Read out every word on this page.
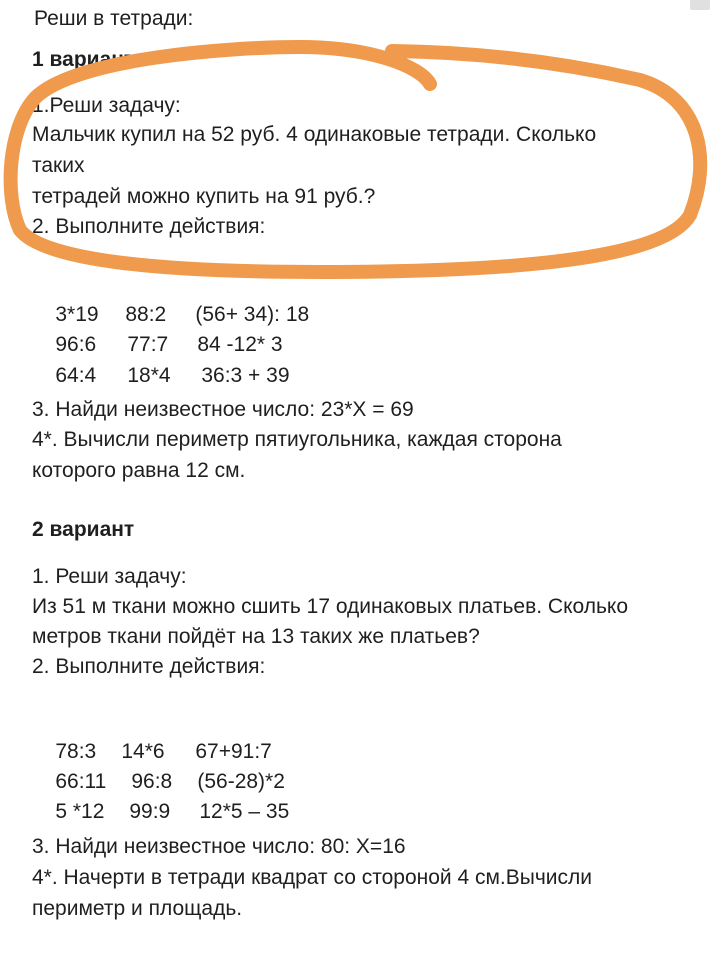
Реши в тетради:
1 вариант
1.Реши задачу:
Мальчик купил на 52 руб. 4 одинаковые тетради. Сколько
таких
тетрадей можно купить на 91 руб.?
2. Выполните действия:

3*19 88:2 (56+ 34): 18

96:6 77:7 84 -12* 3

64:4 18*4 36:3 + 39

3. Найди неизвестное число: 23*Х = 69
4*. Вычисли периметр пятиугольника, каждая сторона
которого равна 12 см.
2 вариант
1. Реши задачу:
Из 51 м ткани можно сшить 17 одинаковых платьев. Сколько
метров ткани пойдёт на 13 таких же платьев?
2. Выполните действия:

78:3 14*6 67+91:7

66:11 96:8 (56-28)*2

5 *12 99:9 12*5 – 35

3. Найди неизвестное число: 80: Х=16
4*. Начерти в тетради квадрат со стороной 4 см.Вычисли
периметр и площадь.
